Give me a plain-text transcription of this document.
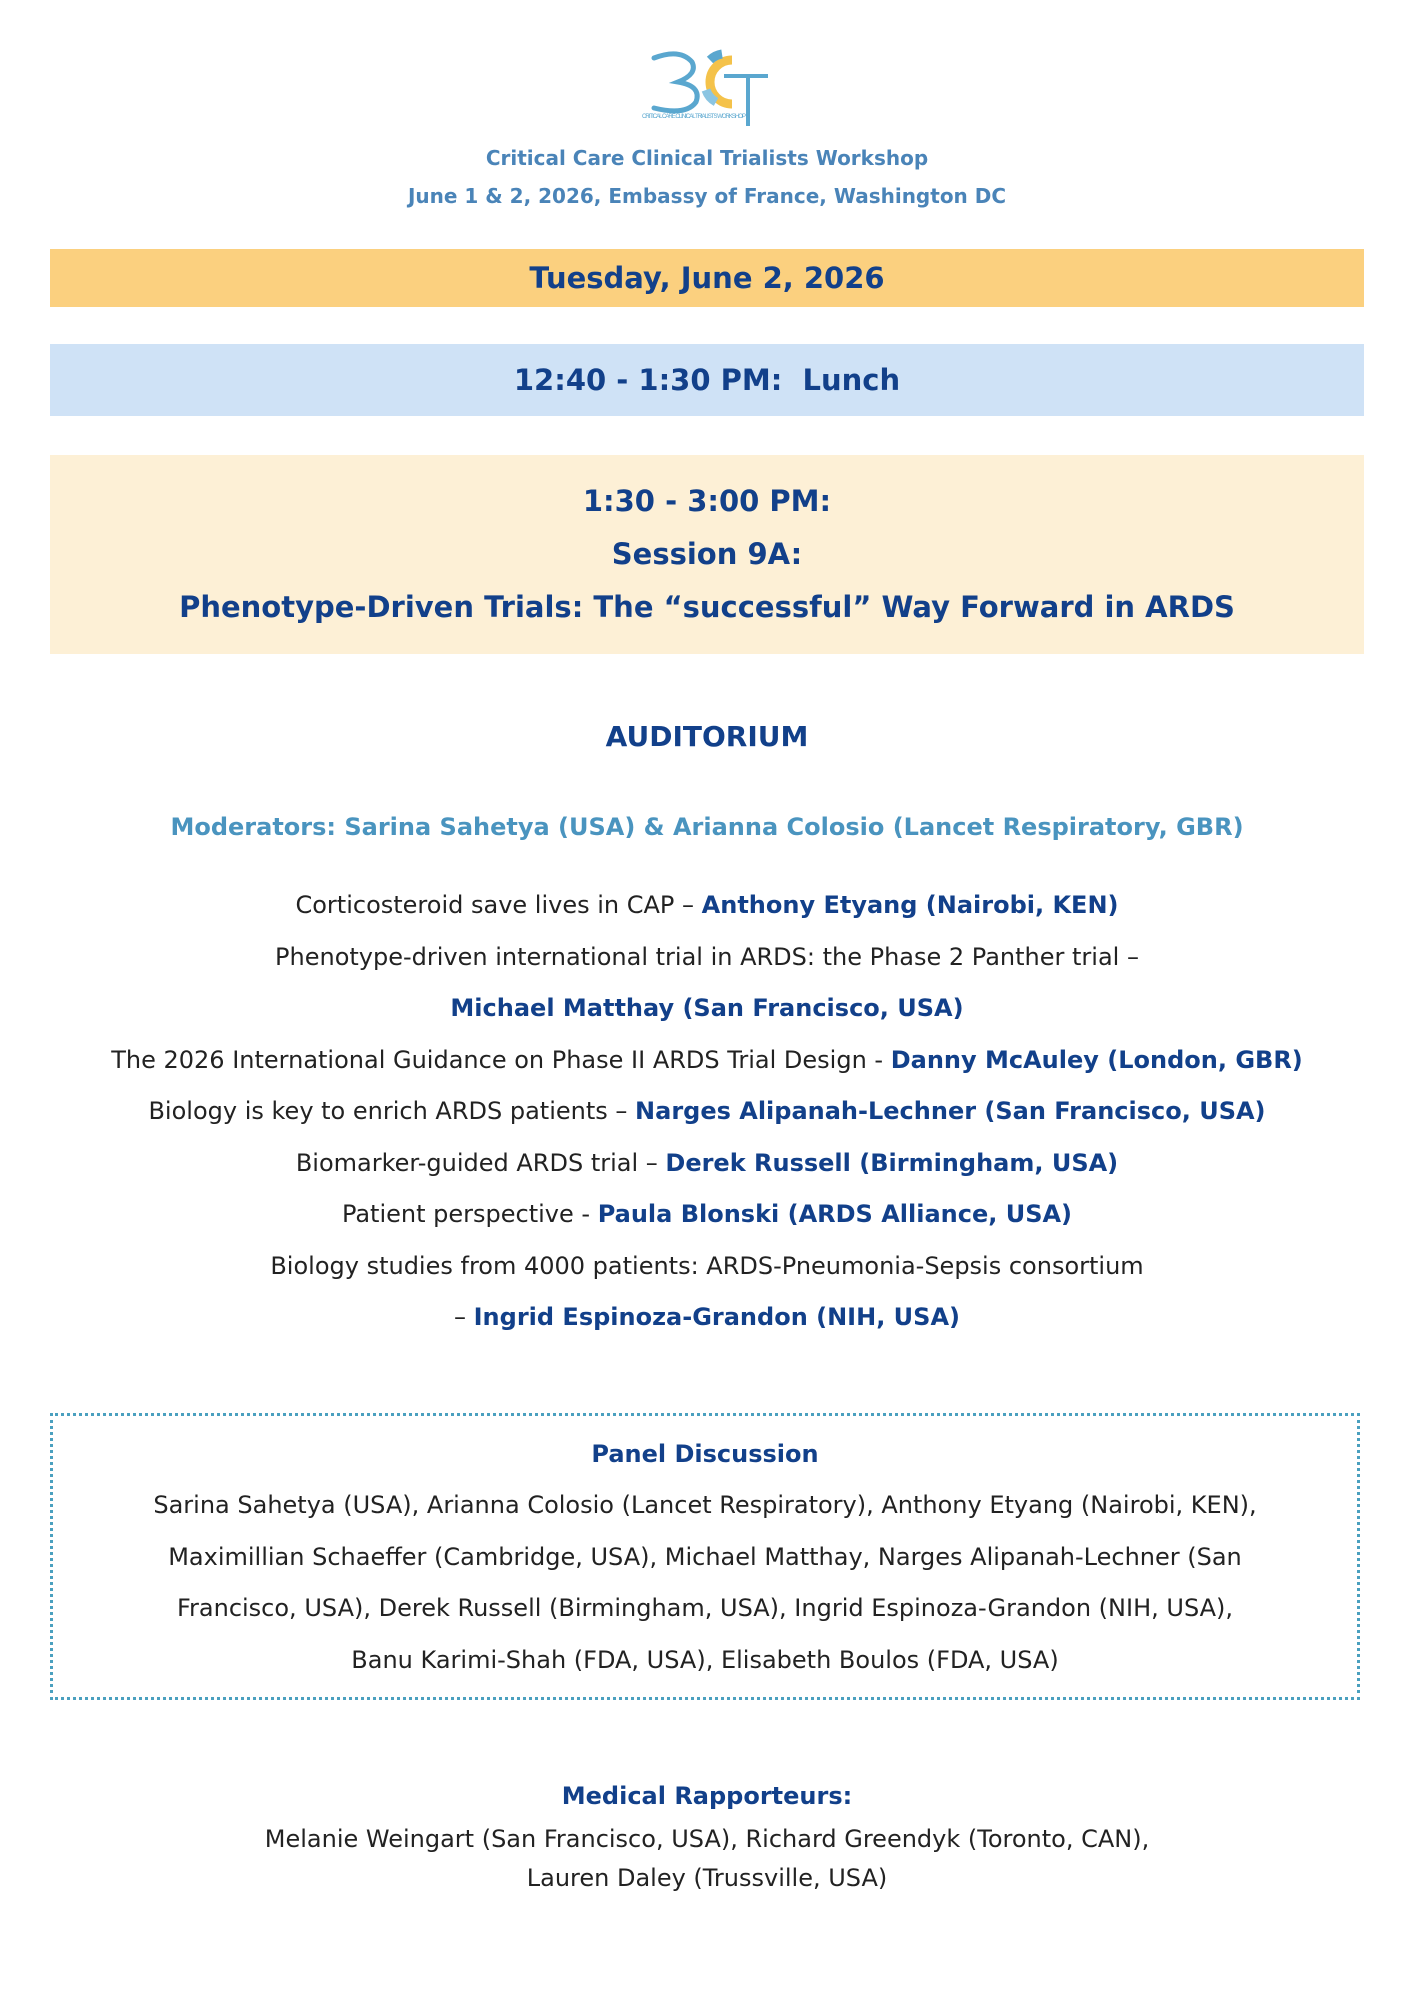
CRITICAL CARE CLINICAL TRIALISTS WORKSHOP
Critical Care Clinical Trialists Workshop
June 1 & 2, 2026, Embassy of France, Washington DC
Tuesday, June 2, 2026
12:40 - 1:30 PM:  Lunch
1:30 - 3:00 PM:
Session 9A:
Phenotype-Driven Trials: The “successful” Way Forward in ARDS
AUDITORIUM
Moderators: Sarina Sahetya (USA) & Arianna Colosio (Lancet Respiratory, GBR)
Corticosteroid save lives in CAP – Anthony Etyang (Nairobi, KEN)
Phenotype-driven international trial in ARDS: the Phase 2 Panther trial –
Michael Matthay (San Francisco, USA)
The 2026 International Guidance on Phase II ARDS Trial Design - Danny McAuley (London, GBR)
Biology is key to enrich ARDS patients – Narges Alipanah-Lechner (San Francisco, USA)
Biomarker-guided ARDS trial – Derek Russell (Birmingham, USA)
Patient perspective - Paula Blonski (ARDS Alliance, USA)
Biology studies from 4000 patients: ARDS-Pneumonia-Sepsis consortium
– Ingrid Espinoza-Grandon (NIH, USA)
Panel Discussion
Sarina Sahetya (USA), Arianna Colosio (Lancet Respiratory), Anthony Etyang (Nairobi, KEN),
Maximillian Schaeffer (Cambridge, USA), Michael Matthay, Narges Alipanah-Lechner (San
Francisco, USA), Derek Russell (Birmingham, USA), Ingrid Espinoza-Grandon (NIH, USA),
Banu Karimi-Shah (FDA, USA), Elisabeth Boulos (FDA, USA)
Medical Rapporteurs:
Melanie Weingart (San Francisco, USA), Richard Greendyk (Toronto, CAN),
Lauren Daley (Trussville, USA)
